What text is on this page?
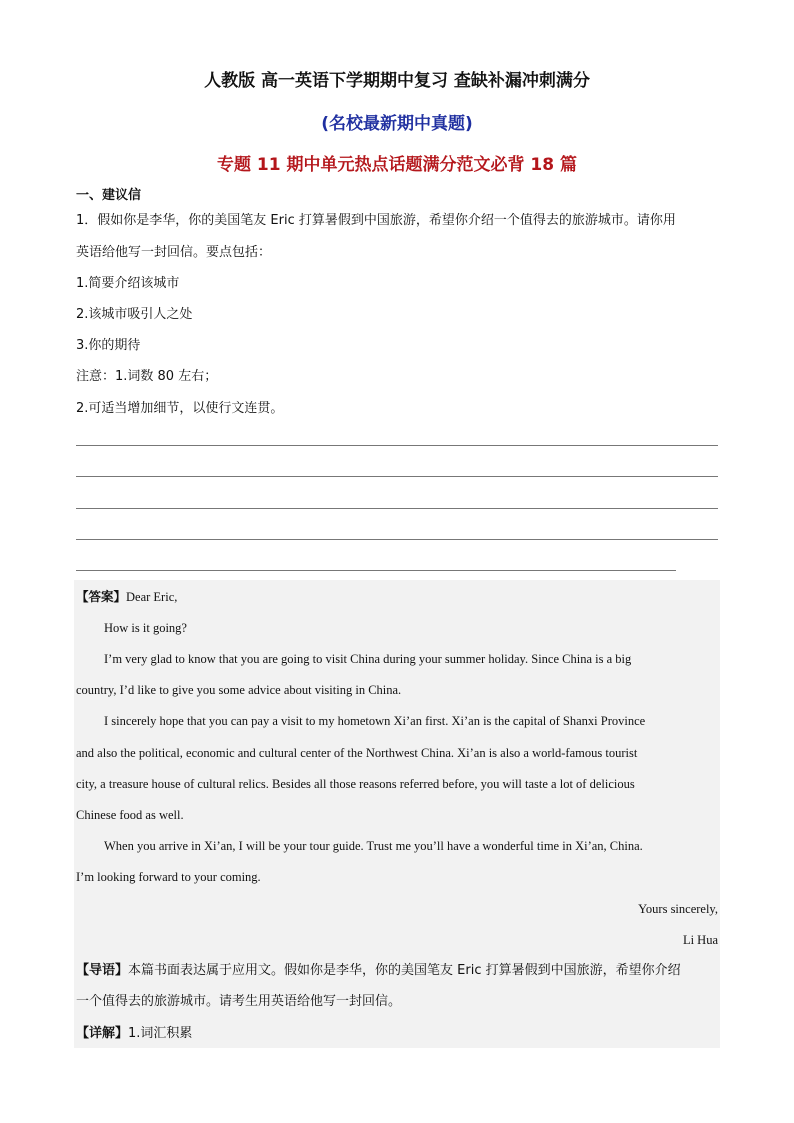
人教版 高一英语下学期期中复习 查缺补漏冲刺满分
(名校最新期中真题)
专题 11 期中单元热点话题满分范文必背 18 篇
一、建议信
1．假如你是李华，你的美国笔友 Eric 打算暑假到中国旅游，希望你介绍一个值得去的旅游城市。请你用
英语给他写一封回信。要点包括：
1.简要介绍该城市
2.该城市吸引人之处
3.你的期待
注意：1.词数 80 左右；
2.可适当增加细节，以使行文连贯。
【答案】Dear Eric,
How is it going?
I’m very glad to know that you are going to visit China during your summer holiday. Since China is a big
country, I’d like to give you some advice about visiting in China.
I sincerely hope that you can pay a visit to my hometown Xi’an first. Xi’an is the capital of Shanxi Province
and also the political, economic and cultural center of the Northwest China. Xi’an is also a world-famous tourist
city, a treasure house of cultural relics. Besides all those reasons referred before, you will taste a lot of delicious
Chinese food as well.
When you arrive in Xi’an, I will be your tour guide. Trust me you’ll have a wonderful time in Xi’an, China.
I’m looking forward to your coming.
Yours sincerely,
Li Hua
【导语】本篇书面表达属于应用文。假如你是李华，你的美国笔友 Eric 打算暑假到中国旅游，希望你介绍
一个值得去的旅游城市。请考生用英语给他写一封回信。
【详解】1.词汇积累
